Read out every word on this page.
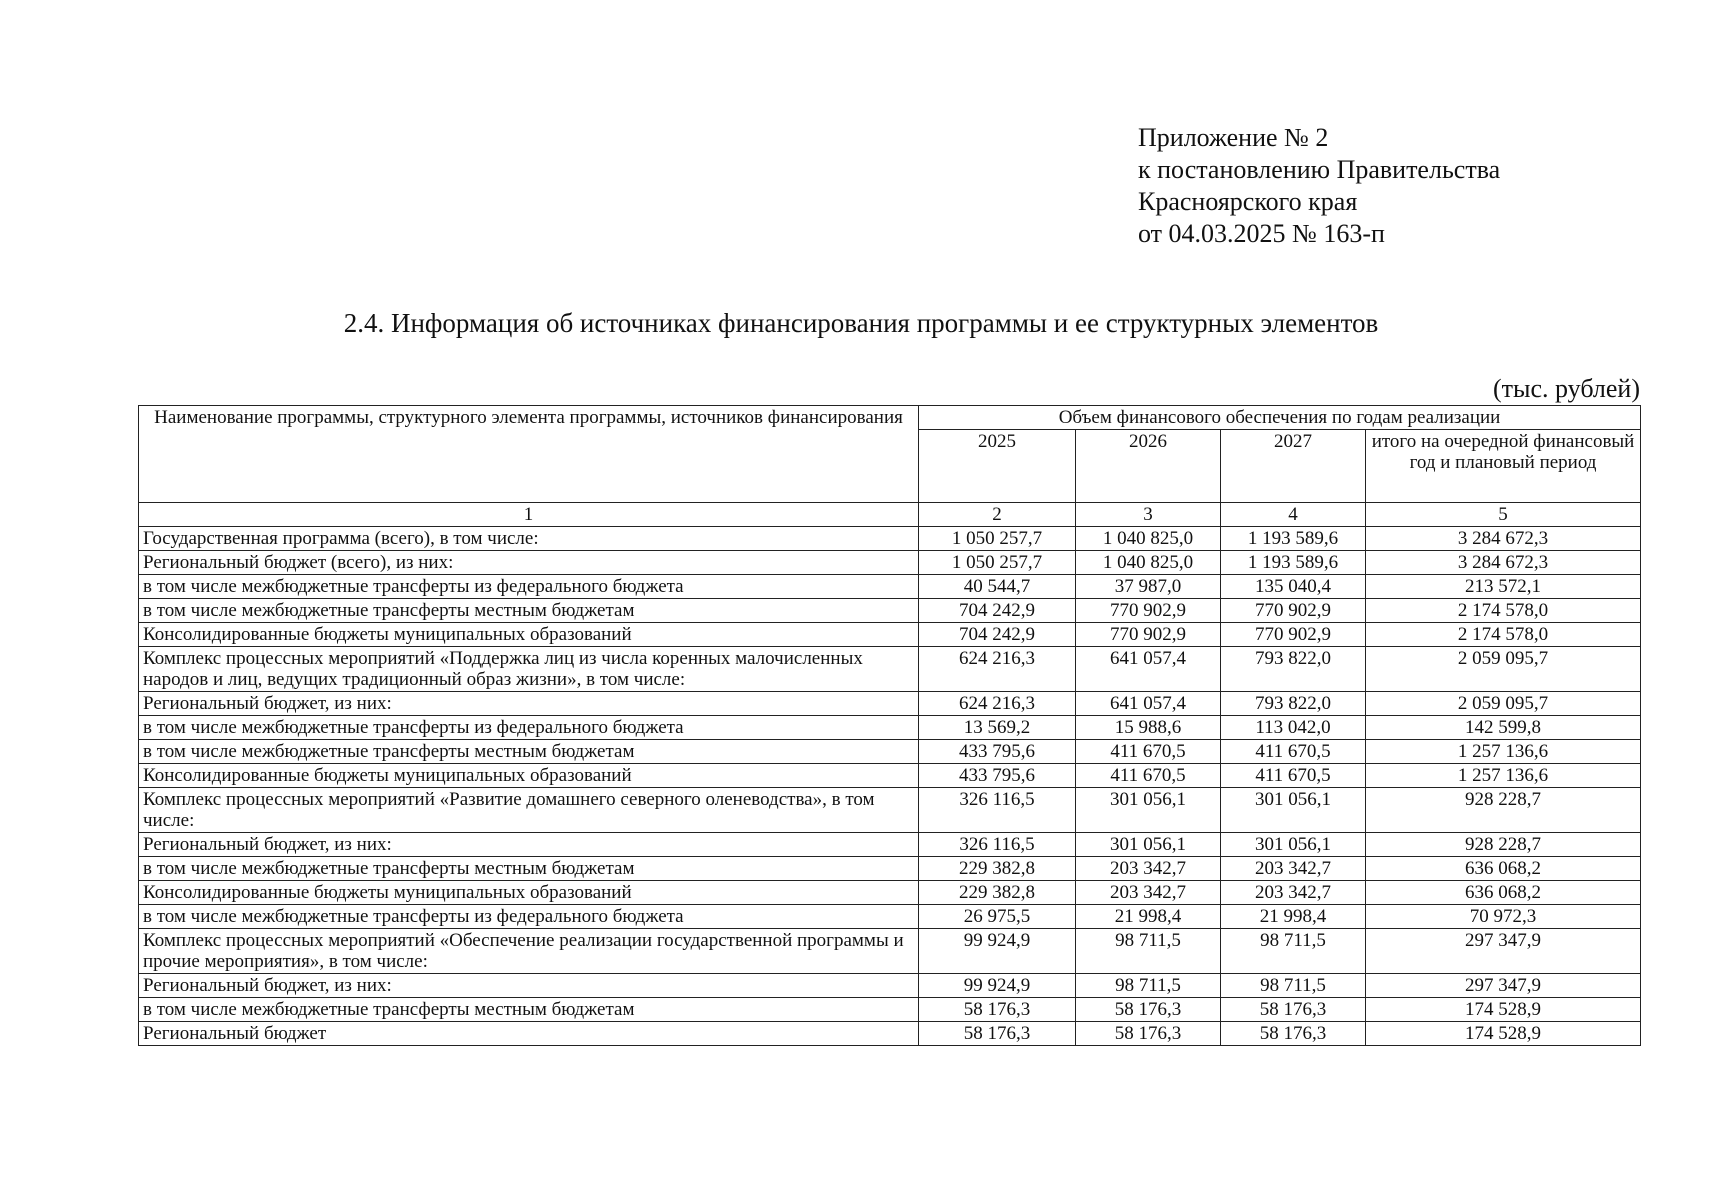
Приложение № 2
к постановлению Правительства
Красноярского края
от 04.03.2025 № 163-п
2.4. Информация об источниках финансирования программы и ее структурных элементов
(тыс. рублей)
Наименование программы, структурного элемента программы, источников финансирования	Объем финансового обеспечения по годам реализации			
	2025	2026	2027	итого на очередной финансовый год и плановый период
1	2	3	4	5
Государственная программа (всего), в том числе:	1 050 257,7	1 040 825,0	1 193 589,6	3 284 672,3
Региональный бюджет (всего), из них:	1 050 257,7	1 040 825,0	1 193 589,6	3 284 672,3
в том числе межбюджетные трансферты из федерального бюджета	40 544,7	37 987,0	135 040,4	213 572,1
в том числе межбюджетные трансферты местным бюджетам	704 242,9	770 902,9	770 902,9	2 174 578,0
Консолидированные бюджеты муниципальных образований	704 242,9	770 902,9	770 902,9	2 174 578,0
Комплекс процессных мероприятий «Поддержка лиц из числа коренных малочисленных народов и лиц, ведущих традиционный образ жизни», в том числе:	624 216,3	641 057,4	793 822,0	2 059 095,7
Региональный бюджет, из них:	624 216,3	641 057,4	793 822,0	2 059 095,7
в том числе межбюджетные трансферты из федерального бюджета	13 569,2	15 988,6	113 042,0	142 599,8
в том числе межбюджетные трансферты местным бюджетам	433 795,6	411 670,5	411 670,5	1 257 136,6
Консолидированные бюджеты муниципальных образований	433 795,6	411 670,5	411 670,5	1 257 136,6
Комплекс процессных мероприятий «Развитие домашнего северного оленеводства», в том числе:	326 116,5	301 056,1	301 056,1	928 228,7
Региональный бюджет, из них:	326 116,5	301 056,1	301 056,1	928 228,7
в том числе межбюджетные трансферты местным бюджетам	229 382,8	203 342,7	203 342,7	636 068,2
Консолидированные бюджеты муниципальных образований	229 382,8	203 342,7	203 342,7	636 068,2
в том числе межбюджетные трансферты из федерального бюджета	26 975,5	21 998,4	21 998,4	70 972,3
Комплекс процессных мероприятий «Обеспечение реализации государственной программы и прочие мероприятия», в том числе:	99 924,9	98 711,5	98 711,5	297 347,9
Региональный бюджет, из них:	99 924,9	98 711,5	98 711,5	297 347,9
в том числе межбюджетные трансферты местным бюджетам	58 176,3	58 176,3	58 176,3	174 528,9
Региональный бюджет	58 176,3	58 176,3	58 176,3	174 528,9
